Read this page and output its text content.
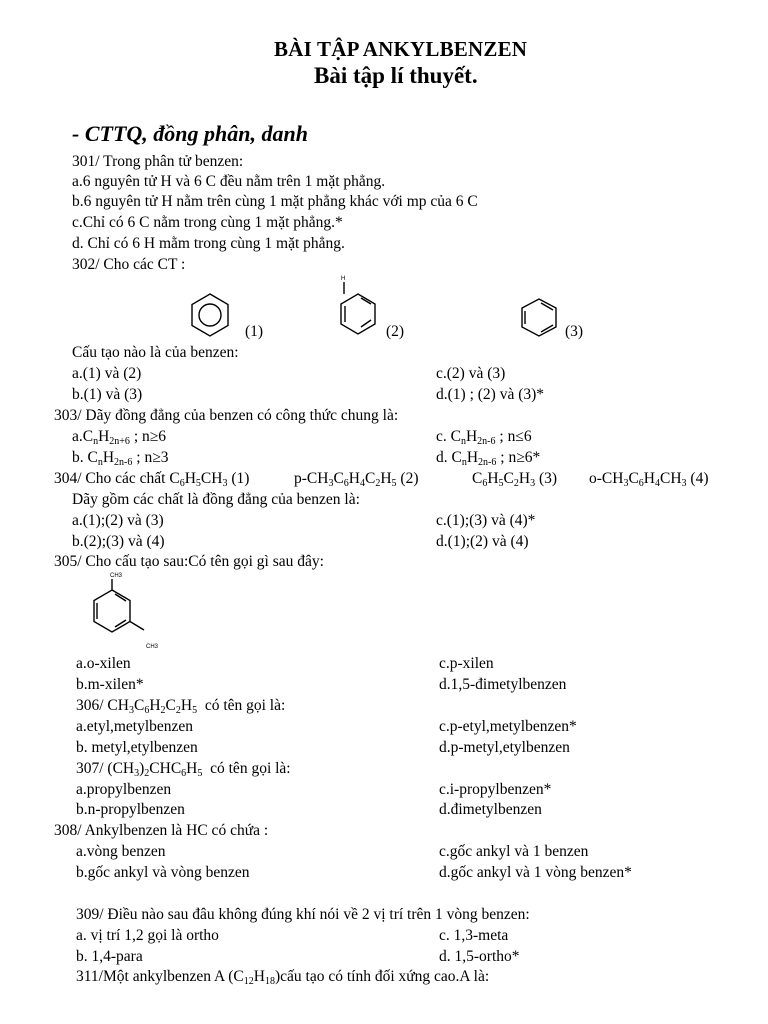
BÀI TẬP ANKYLBENZEN
Bài tập lí thuyết.
- CTTQ, đồng phân, danh
301/ Trong phân tử benzen:
a.6 nguyên tử H và 6 C đều nằm trên 1 mặt phẳng.
b.6 nguyên tử H nằm trên cùng 1 mặt phẳng khác với mp của 6 C
c.Chỉ có 6 C nằm trong cùng 1 mặt phẳng.*
d. Chỉ có 6 H mằm trong cùng 1 mặt phẳng.
302/ Cho các CT :
(1)
H
(2)	(3)
Cấu tạo nào là của benzen:
a.(1) và (2)	c.(2) và (3)
b.(1) và (3)	d.(1) ; (2) và (3)*
303/ Dãy đồng đẳng của benzen có công thức chung là:
$a.C_nH_{2n+6}$ ; n≥6	c. $C_nH_{2n-6}$ ; n≤6
b. $C_nH_{2n-6}$ ; n≥3	d. $C_nH_{2n-6}$ ; n≥6*
304/ Cho các chất $C_6H_5CH_3$ (1)	$p-CH_3C_6H_4C_2H_5$ (2)	$C_6H_5C_2H_3$ (3) $o-CH_3C_6H_4CH_3$ (4)
Dãy gồm các chất là đồng đẳng của benzen là:
a.(1);(2) và (3)	c.(1);(3) và (4)*
b.(2);(3) và (4)	d.(1);(2) và (4)
305/ Cho cấu tạo sau:Có tên gọi gì sau đây:
CH3
CH3
a.o-xilen	c.p-xilen
b.m-xilen*	d.1,5-đimetylbenzen
306/ $CH_3C_6H_2C_2H_5$ có tên gọi là:
a.etyl,metylbenzen	c.p-etyl,metylbenzen*
b. metyl,etylbenzen	d.p-metyl,etylbenzen
307/ $(CH_3)_2CHC_6H_5$ có tên gọi là:
a.propylbenzen	c.i-propylbenzen*
b.n-propylbenzen	d.đimetylbenzen
308/ Ankylbenzen là HC có chứa :
a.vòng benzen	c.gốc ankyl và 1 benzen
b.gốc ankyl và vòng benzen	d.gốc ankyl và 1 vòng benzen*
309/ Điều nào sau đâu không đúng khí nói về 2 vị trí trên 1 vòng benzen:
a. vị trí 1,2 gọi là ortho	c. 1,3-meta
b. 1,4-para	d. 1,5-ortho*
311/Một ankylbenzen A $(C_{12}H_{18})cấu$ tạo có tính đối xứng cao.A là:
